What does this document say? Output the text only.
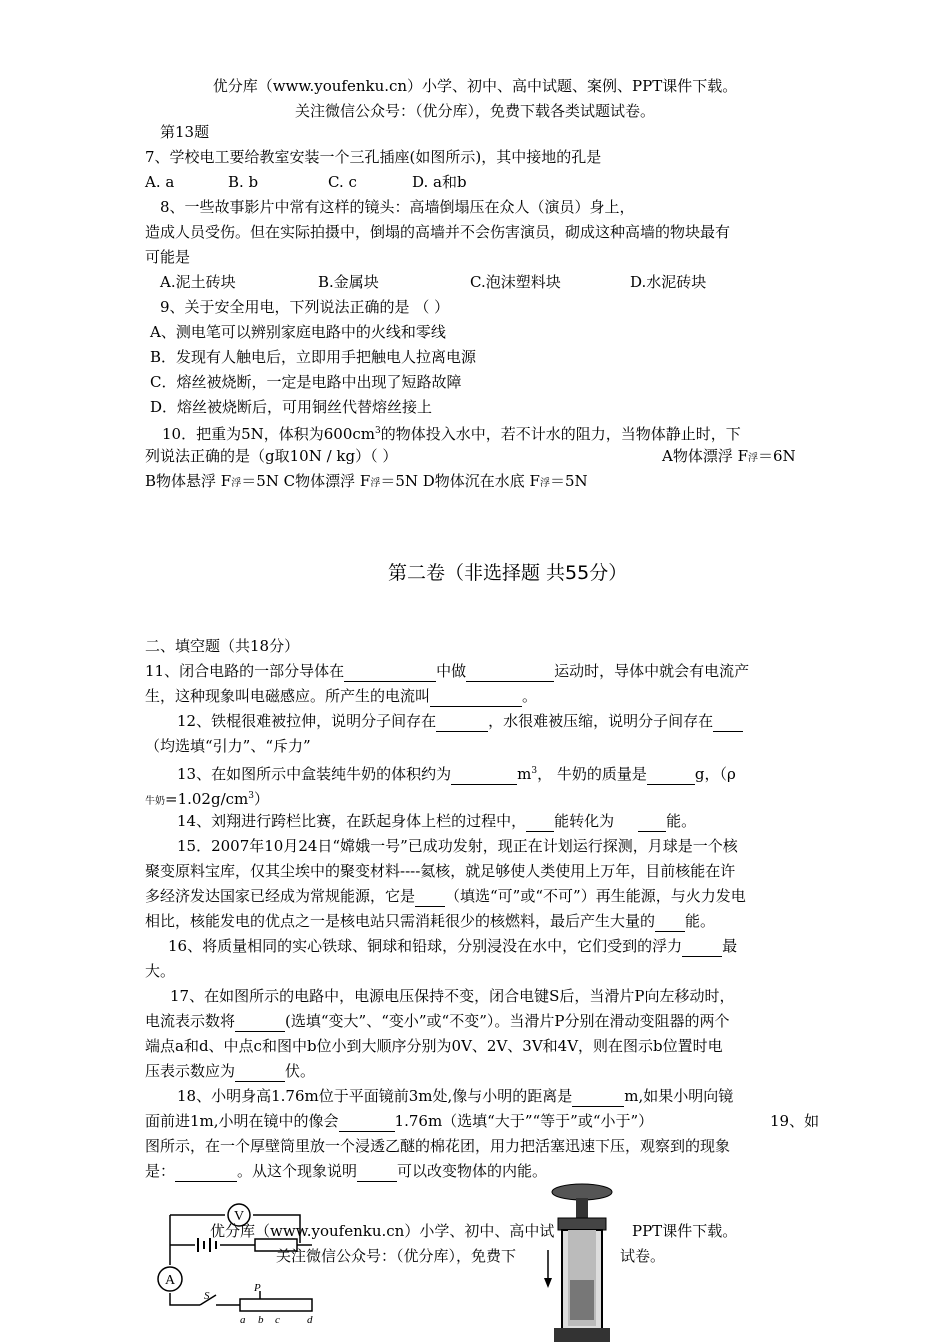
优分库（www.youfenku.cn）小学、初中、高中试题、案例、PPT课件下载。
关注微信公众号：（优分库），免费下载各类试题试卷。
第13题
7、学校电工要给教室安装一个三孔插座(如图所示)，其中接地的孔是
A. a	B. b	C. c	D. a和b
8、一些故事影片中常有这样的镜头：高墙倒塌压在众人（演员）身上，
造成人员受伤。但在实际拍摄中，倒塌的高墙并不会伤害演员，砌成这种高墙的物块最有
可能是
A.泥土砖块	B.金属块	C.泡沫塑料块	D.水泥砖块
9、关于安全用电，下列说法正确的是 （ ）
A、测电笔可以辨别家庭电路中的火线和零线
B．发现有人触电后，立即用手把触电人拉离电源
C．熔丝被烧断，一定是电路中出现了短路故障
D．熔丝被烧断后，可用铜丝代替熔丝接上
10．把重为5N，体积为$600cm^3$的物体投入水中，若不计水的阻力，当物体静止时，下
列说法正确的是（g取10N / kg）（ ）	A物体漂浮 F浮＝6N
B物体悬浮 F浮＝5N C物体漂浮 F浮＝5N D物体沉在水底 F浮＝5N
第二卷（非选择题 共55分）
二、填空题（共18分）
11、闭合电路的一部分导体在	中做	运动时，导体中就会有电流产
生，这种现象叫电磁感应。所产生的电流叫	。
12、铁棍很难被拉伸，说明分子间存在	，水很难被压缩，说明分子间存在
（均选填“引力”、“斥力”
13、在如图所示中盒装纯牛奶的体积约为	$m^3$， 牛奶的质量是	g，（ρ
牛奶$=1.02g/cm^3$）
14、刘翔进行跨栏比赛，在跃起身体上栏的过程中， 能转化为	能。
15．2007年10月24日“嫦娥一号”已成功发射，现正在计划运行探测，月球是一个核
聚变原料宝库，仅其尘埃中的聚变材料----氦核，就足够使人类使用上万年，目前核能在许
多经济发达国家已经成为常规能源，它是 （填选“可”或“不可”）再生能源，与火力发电
相比，核能发电的优点之一是核电站只需消耗很少的核燃料，最后产生大量的 能。
16、将质量相同的实心铁球、铜球和铅球，分别浸没在水中，它们受到的浮力	最
大。
17、在如图所示的电路中，电源电压保持不变，闭合电键S后，当滑片P向左移动时，
电流表示数将	(选填“变大”、“变小”或“不变”）。当滑片P分别在滑动变阻器的两个
端点a和d、中点c和图中b位小到大顺序分别为0V、2V、3V和4V，则在图示b位置时电
压表示数应为	伏。
18、小明身高1.76m位于平面镜前3m处,像与小明的距离是	m,如果小明向镜
面前进1m,小明在镜中的像会	1.76m（选填“大于”“等于”或“小于”）	19、如
图所示，在一个厚壁筒里放一个浸透乙醚的棉花团，用力把活塞迅速下压，观察到的现象
是：	。从这个现象说明	可以改变物体的内能。
V
A
S
P
a b c d
优分库（www.youfenku.cn）小学、初中、高中试	PPT课件下载。
关注微信公众号：（优分库），免费下	试卷。
